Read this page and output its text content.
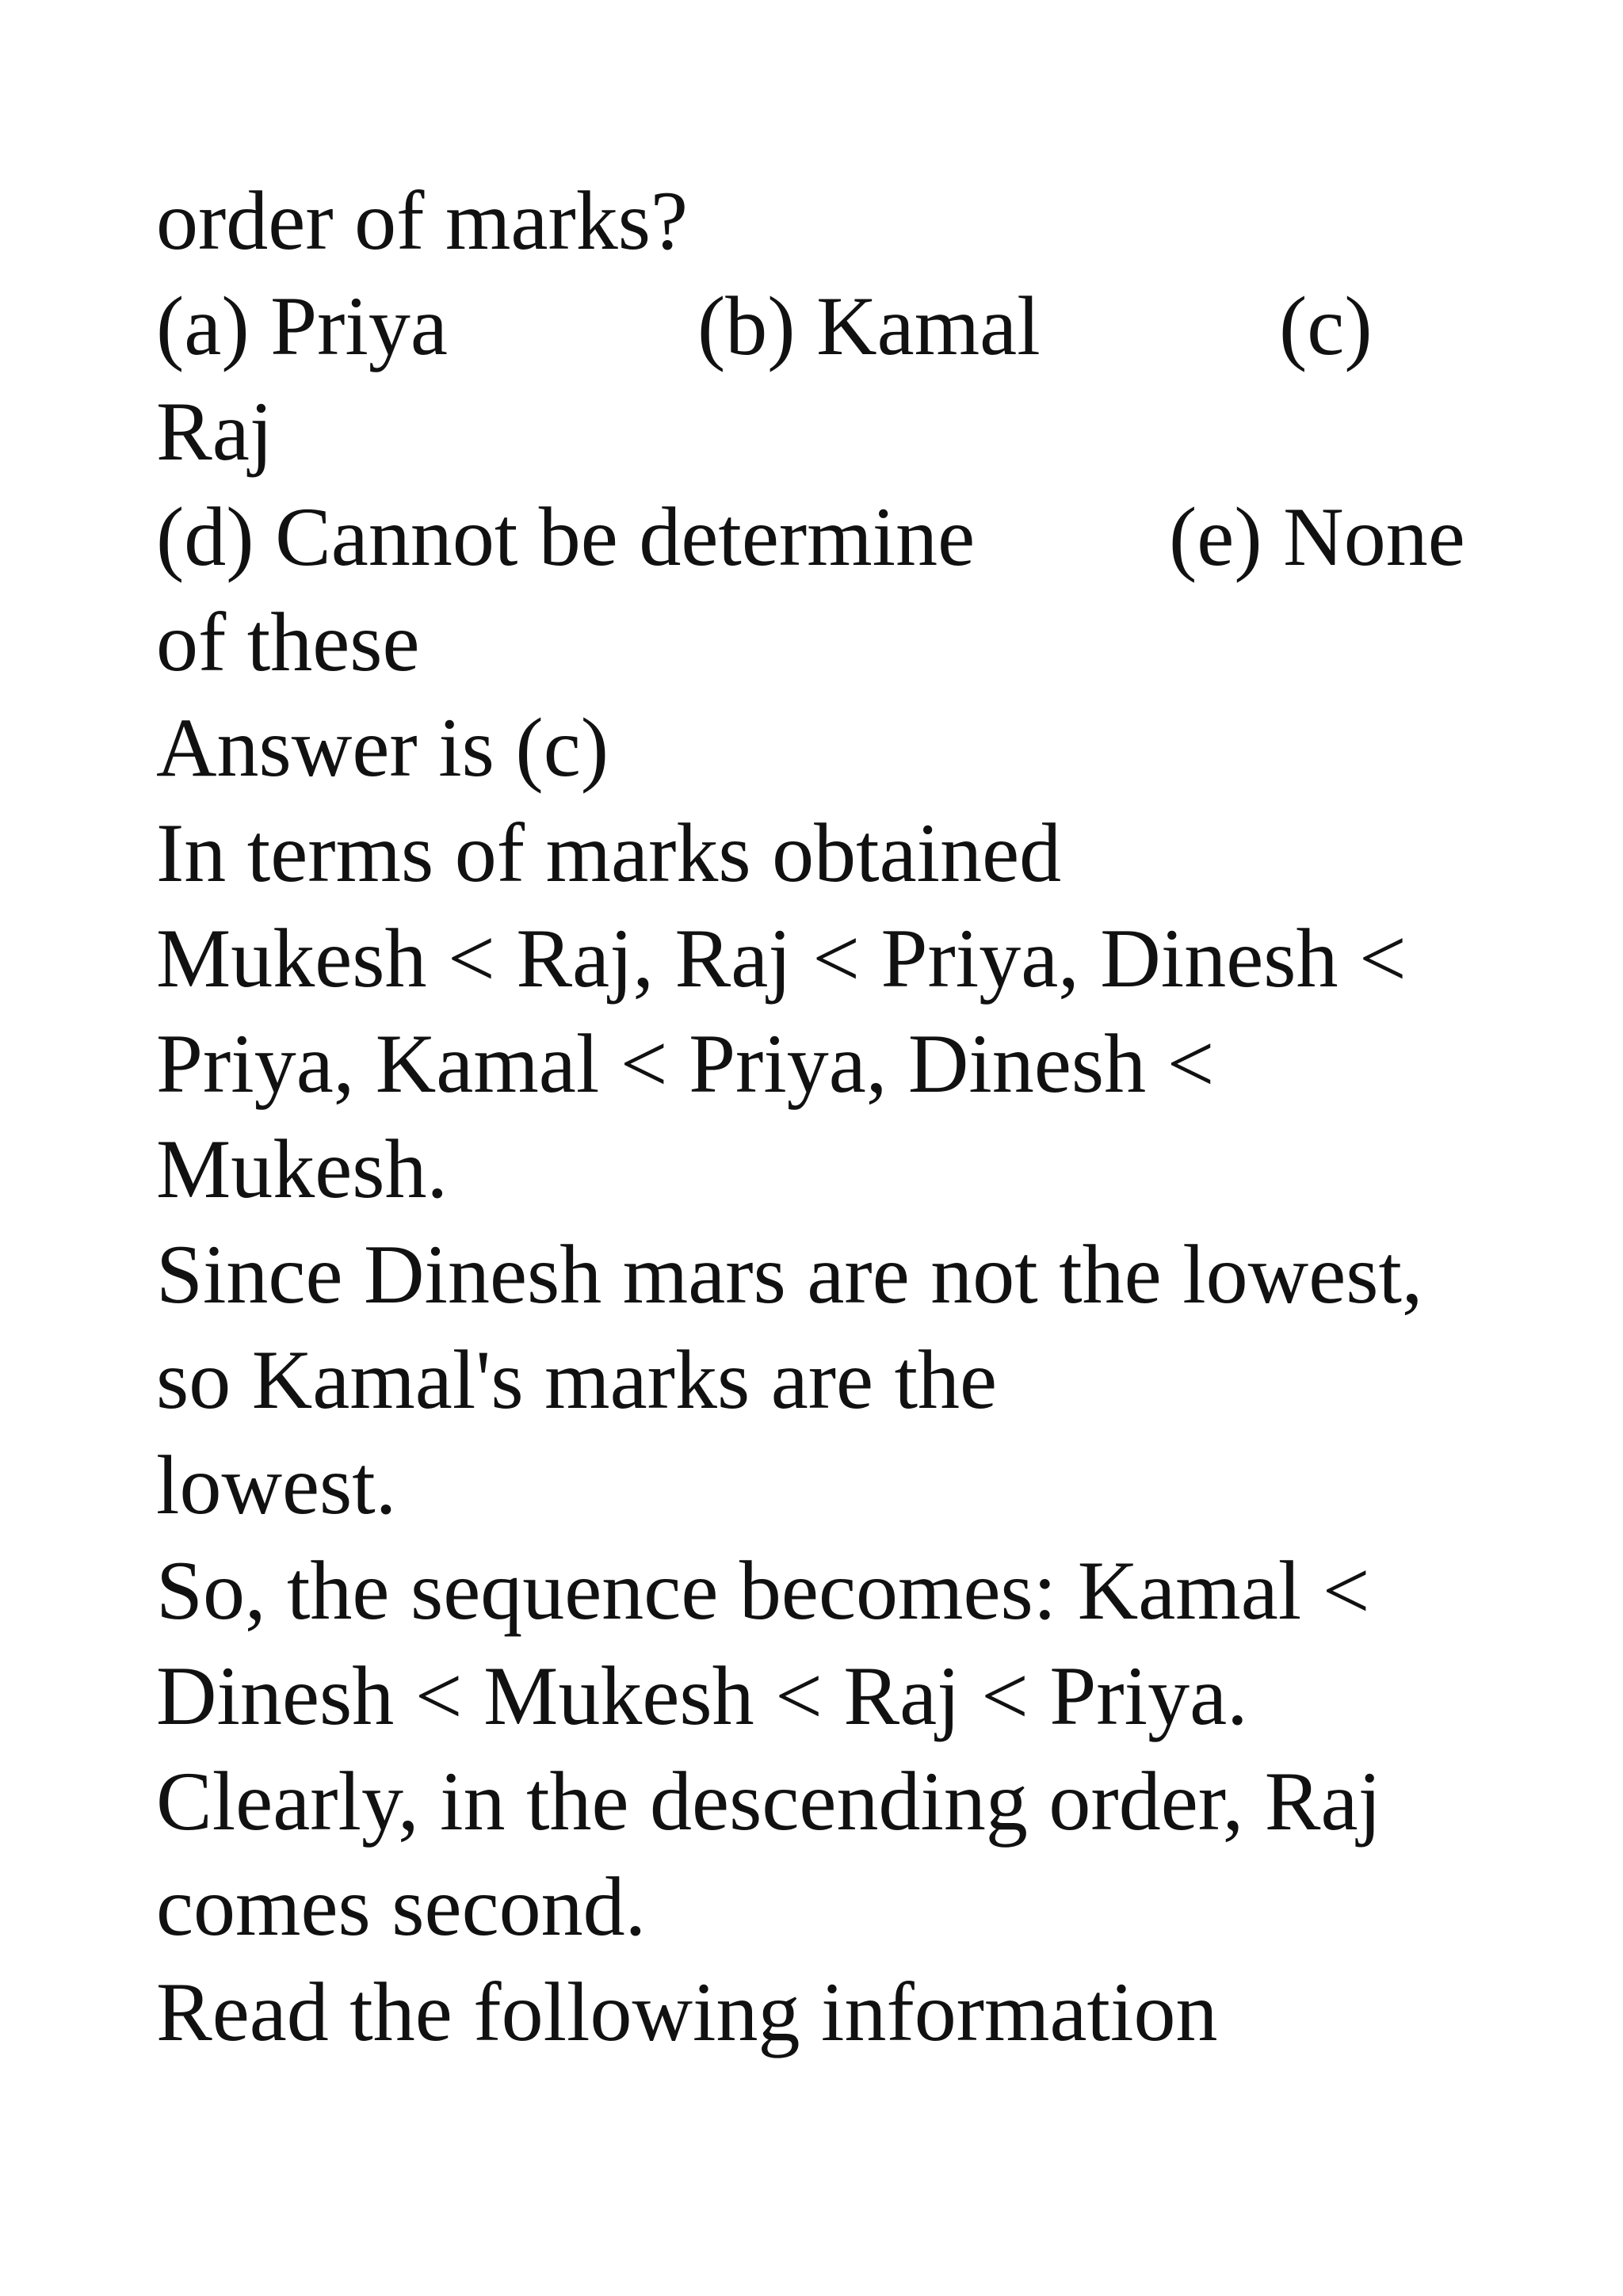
order of marks?
(a) Priya	(b) Kamal	(c)
Raj
(d) Cannot be determine (e) None
of these
Answer is (c)
In terms of marks obtained
Mukesh < Raj, Raj < Priya, Dinesh <
Priya, Kamal < Priya, Dinesh <
Mukesh.
Since Dinesh mars are not the lowest,
so Kamal's marks are the
lowest.
So, the sequence becomes: Kamal <
Dinesh < Mukesh < Raj < Priya.
Clearly, in the descending order, Raj
comes second.
Read the following information
